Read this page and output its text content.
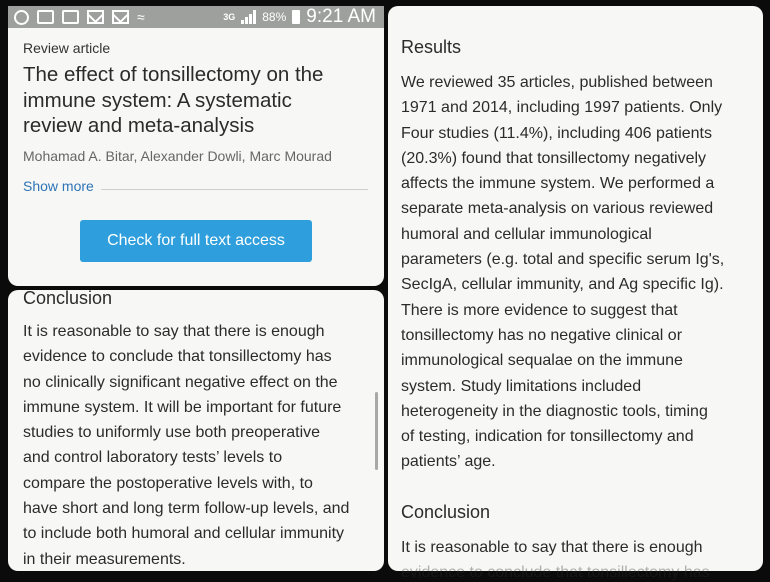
≈	3G 88% 9:21 AM
Review article
The effect of tonsillectomy on the
immune system: A systematic
review and meta-analysis
Mohamad A. Bitar, Alexander Dowli, Marc Mourad
Show more
Check for full text access
Conclusion

It is reasonable to say that there is enough

evidence to conclude that tonsillectomy has

no clinically significant negative effect on the

immune system. It will be important for future

studies to uniformly use both preoperative

and control laboratory tests’ levels to

compare the postoperative levels with, to

have short and long term follow-up levels, and

to include both humoral and cellular immunity

in their measurements.

Results

We reviewed 35 articles, published between

1971 and 2014, including 1997 patients. Only

Four studies (11.4%), including 406 patients

(20.3%) found that tonsillectomy negatively

affects the immune system. We performed a

separate meta-analysis on various reviewed

humoral and cellular immunological

parameters (e.g. total and specific serum Ig's,

SecIgA, cellular immunity, and Ag specific Ig).

There is more evidence to suggest that

tonsillectomy has no negative clinical or

immunological sequalae on the immune

system. Study limitations included

heterogeneity in the diagnostic tools, timing

of testing, indication for tonsillectomy and

patients’ age.

Conclusion

It is reasonable to say that there is enough

evidence to conclude that tonsillectomy has
